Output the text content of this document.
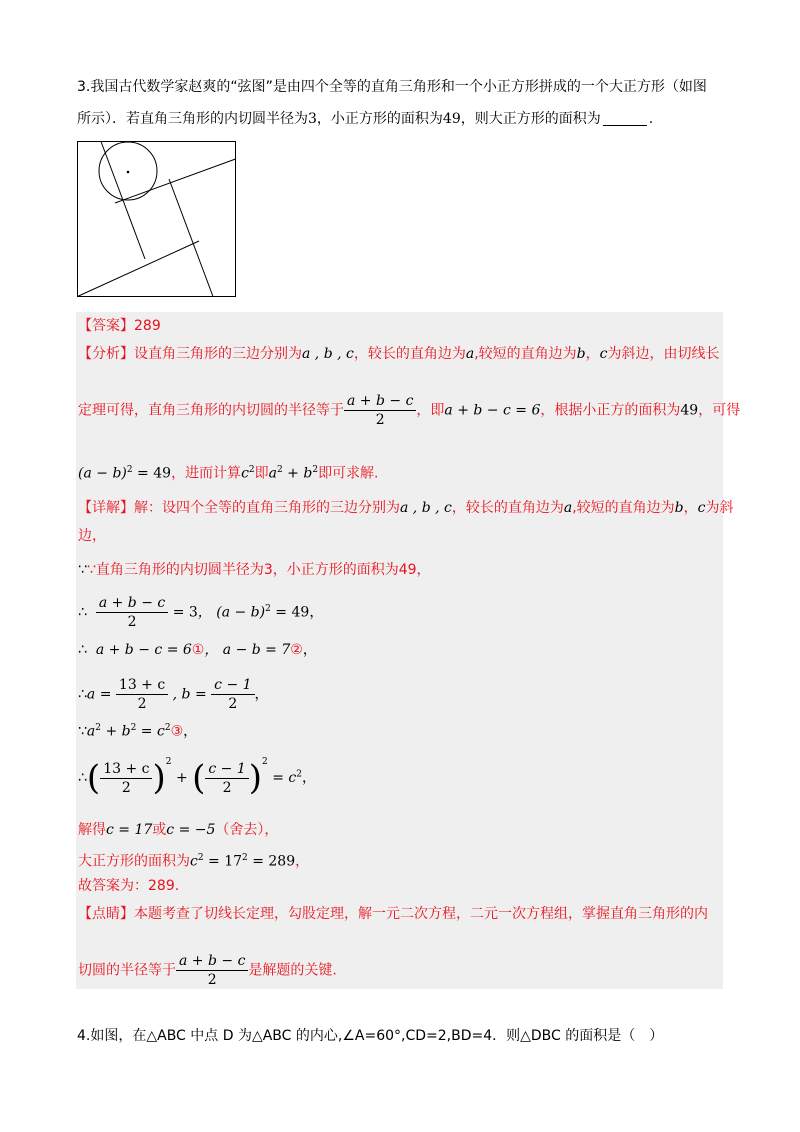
3.我国古代数学家赵爽的“弦图”是由四个全等的直角三角形和一个小正方形拼成的一个大正方形（如图
所示）．若直角三角形的内切圆半径为3，小正方形的面积为49，则大正方形的面积为	.
【答案】289
【分析】设直角三角形的三边分别为a , b , c，较长的直角边为a,较短的直角边为b，c为斜边，由切线长
定理可得，直角三角形的内切圆的半径等于 $\frac{a + b - c}{2}$ ，即a + b − c = 6，根据小正方的面积为49，可得
$(a - b)^2 = 49$，进而计算$c^2$即$a^2 + b^2$即可求解.
【详解】解：设四个全等的直角三角形的三边分别为a , b , c，较长的直角边为a,较短的直角边为b，c为斜
边，
∵∵直角三角形的内切圆半径为3，小正方形的面积为49，
∴ $\frac{a + b - c}{2} = 3$， $(a - b)^2 = 49$，
∴ a + b − c = 6①， a − b = 7②，
∴a = $\frac{13 + c}{2}$ , $b = \frac{c - 1}{2}$ ，
$\because a^2 + b^2$ = $c^2③$，
∴( $\frac{13 + c}{2} )^2$ + ( $\frac{c - 1}{2} )^2 = c^2$，
解得c = 17或c = −5（舍去），
大正方形的面积为$c^2 = 17^2 = 289$，
故答案为：289.
【点睛】本题考查了切线长定理，勾股定理，解一元二次方程，二元一次方程组，掌握直角三角形的内
切圆的半径等于 $\frac{a + b - c}{2}$ 是解题的关键.
4.如图，在△ABC 中点 D 为△ABC 的内心,∠A=60°,CD=2,BD=4．则△DBC 的面积是（　）
